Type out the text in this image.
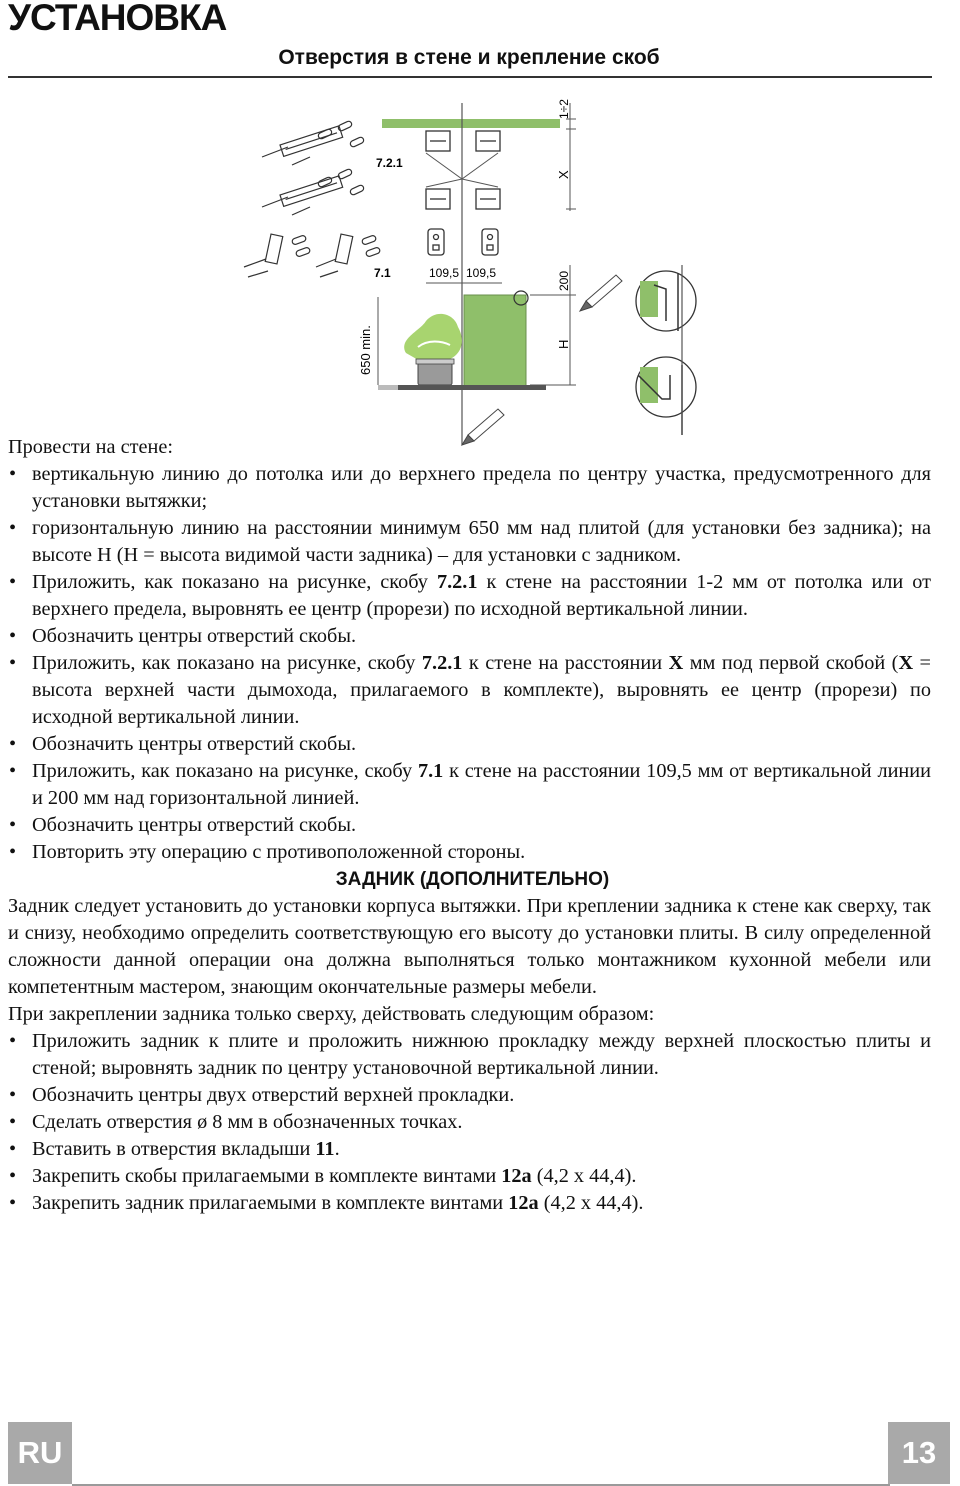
УСТАНОВКА
Отверстия в стене и крепление скоб
7.2.1
7.1	109,5 109,5
1÷2
X
200
H
650 min.

Провести на стене:

• вертикальную линию до потолка или до верхнего предела по центру участка, предусмотренного для установки вытяжки;
• горизонтальную линию на расстоянии минимум 650 мм над плитой (для установки без задника); на высоте H (H = высота видимой части задника) – для установки с задником.
• Приложить, как показано на рисунке, скобу 7.2.1 к стене на расстоянии 1-2 мм от потолка или от верхнего предела, выровнять ее центр (прорези) по исходной вертикальной линии.
• Обозначить центры отверстий скобы.
• Приложить, как показано на рисунке, скобу 7.2.1 к стене на расстоянии X мм под первой скобой (X = высота верхней части дымохода, прилагаемого в комплекте), выровнять ее центр (прорези) по исходной вертикальной линии.
• Обозначить центры отверстий скобы.
• Приложить, как показано на рисунке, скобу 7.1 к стене на расстоянии 109,5 мм от вертикальной линии и 200 мм над горизонтальной линией.
• Обозначить центры отверстий скобы.
• Повторить эту операцию с противоположенной стороны.

ЗАДНИК (ДОПОЛНИТЕЛЬНО)

Задник следует установить до установки корпуса вытяжки. При креплении задника к стене как сверху, так и снизу, необходимо определить соответствующую его высоту до установки плиты. В силу определенной сложности данной операции она должна выполняться только монтажником кухонной мебели или компетентным мастером, знающим окончательные размеры мебели.

При закреплении задника только сверху, действовать следующим образом:

• Приложить задник к плите и проложить нижнюю прокладку между верхней плоскостью плиты и стеной; выровнять задник по центру установочной вертикальной линии.
• Обозначить центры двух отверстий верхней прокладки.
• Сделать отверстия ø 8 мм в обозначенных точках.
• Вставить в отверстия вкладыши 11.
• Закрепить скобы прилагаемыми в комплекте винтами 12a (4,2 x 44,4).
• Закрепить задник прилагаемыми в комплекте винтами 12a (4,2 x 44,4).
RU	13
